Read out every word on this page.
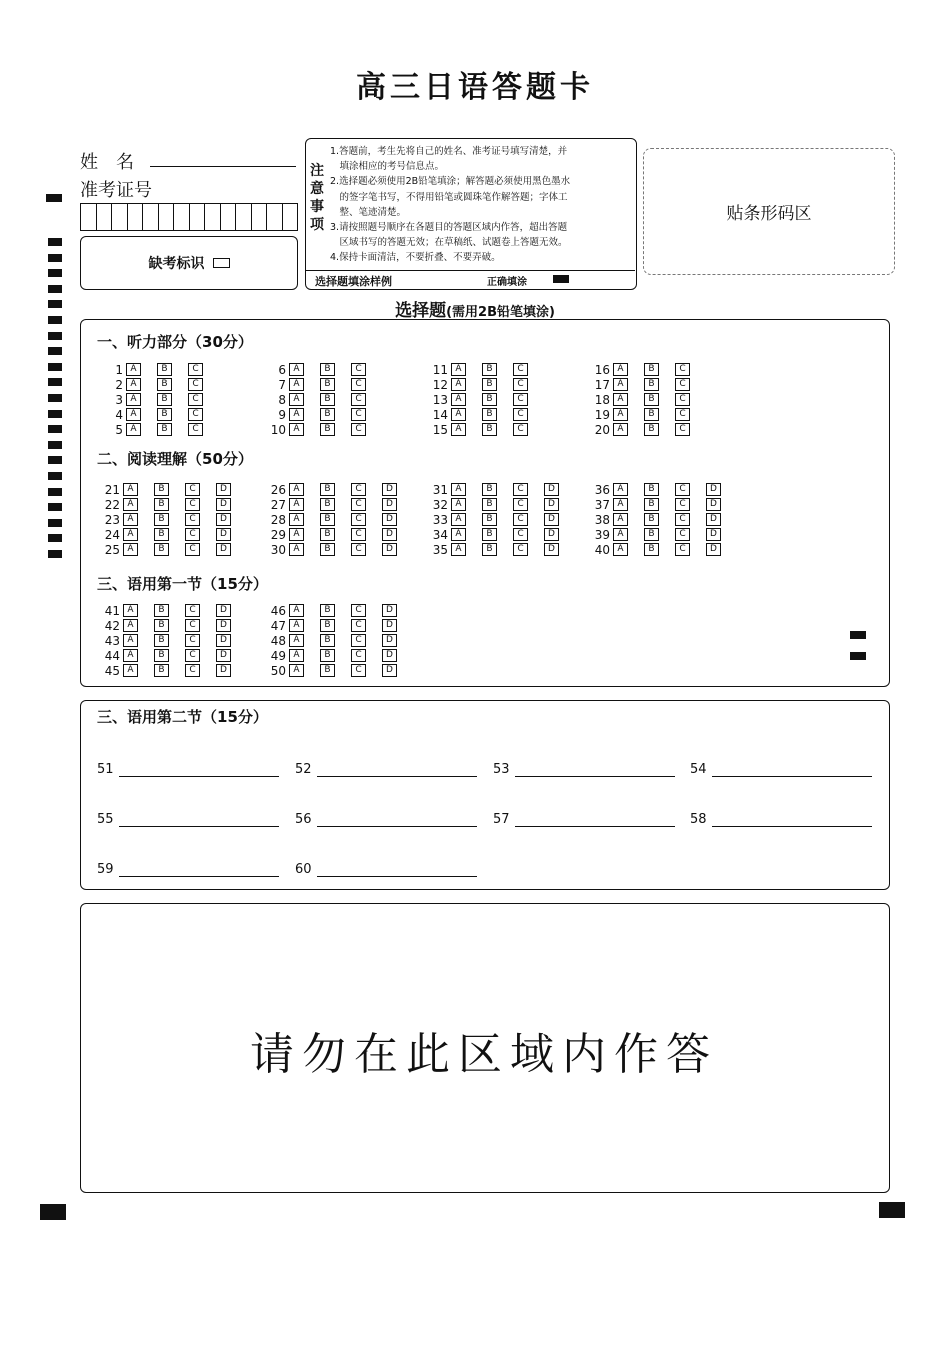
高三日语答题卡
姓　名
准考证号
缺考标识
注
意
事
项
1.答题前，考生先将自己的姓名、准考证号填写清楚，并
　填涂相应的考号信息点。
2.选择题必须使用2B铅笔填涂；解答题必须使用黑色墨水
　的签字笔书写，不得用铅笔或圆珠笔作解答题；字体工
　整、笔迹清楚。
3.请按照题号顺序在各题目的答题区域内作答，超出答题
　区域书写的答题无效；在草稿纸、试题卷上答题无效。
4.保持卡面清洁，不要折叠、不要弄破。
选择题填涂样例	正确填涂
贴条形码区
选择题(需用2B铅笔填涂)
一、听力部分（30分）
二、阅读理解（50分）
三、语用第一节（15分）
1 A	B	C
2 A	B	C
3 A	B	C
4 A	B	C
5 A	B	C
6 A	B	C
7 A	B	C
8 A	B	C
9 A	B	C
10 A	B	C
11 A	B	C
12 A	B	C
13 A	B	C
14 A	B	C
15 A	B	C
16 A	B	C
17 A	B	C
18 A	B	C
19 A	B	C
20 A	B	C
21 A	B	C	D
22 A	B	C	D
23 A	B	C	D
24 A	B	C	D
25 A	B	C	D
26 A	B	C	D
27 A	B	C	D
28 A	B	C	D
29 A	B	C	D
30 A	B	C	D
31 A	B	C	D
32 A	B	C	D
33 A	B	C	D
34 A	B	C	D
35 A	B	C	D
36 A	B	C	D
37 A	B	C	D
38 A	B	C	D
39 A	B	C	D
40 A	B	C	D
41 A	B	C	D
42 A	B	C	D
43 A	B	C	D
44 A	B	C	D
45 A	B	C	D
46 A	B	C	D
47 A	B	C	D
48 A	B	C	D
49 A	B	C	D
50 A	B	C	D
三、语用第二节（15分）
51	52	53	54
55	56	57	58
59	60
请勿在此区域内作答
